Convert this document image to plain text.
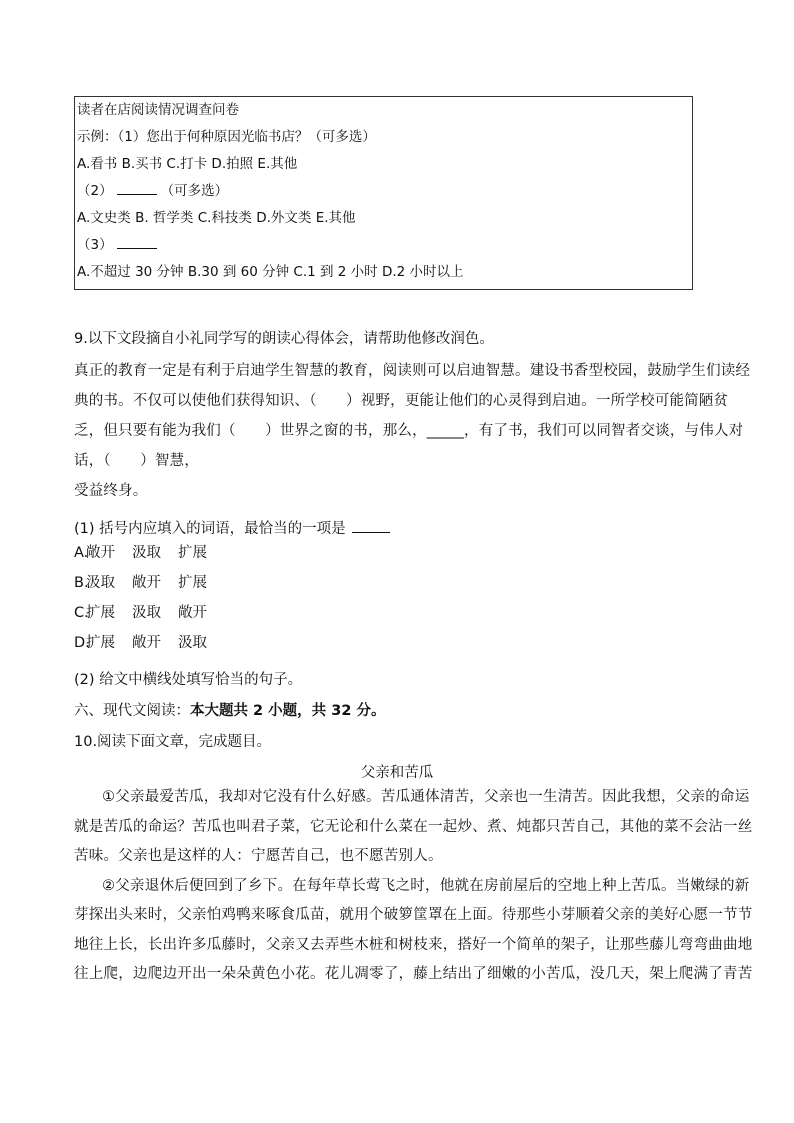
读者在店阅读情况调查问卷
示例：（1）您出于何种原因光临书店？（可多选）
A.看书 B.买书 C.打卡 D.拍照 E.其他
（2）	（可多选）
A.文史类 B. 哲学类 C.科技类 D.外文类 E.其他
（3）
A.不超过 30 分钟 B.30 到 60 分钟 C.1 到 2 小时 D.2 小时以上
9.以下文段摘自小礼同学写的朗读心得体会，请帮助他修改润色。
真正的教育一定是有利于启迪学生智慧的教育，阅读则可以启迪智慧。建设书香型校园，鼓励学生们读经
典的书。不仅可以使他们获得知识、（　　）视野，更能让他们的心灵得到启迪。一所学校可能简陋贫
乏，但只要有能为我们（　　）世界之窗的书，那么，_____，有了书，我们可以同智者交谈，与伟人对
话，（　　）智慧，
受益终身。
(1) 括号内应填入的词语，最恰当的一项是
A.敞开 汲取 扩展
B.汲取 敞开 扩展
C.扩展 汲取 敞开
D.扩展 敞开 汲取
(2) 给文中横线处填写恰当的句子。
六、现代文阅读：本大题共 2 小题，共 32 分。
10.阅读下面文章，完成题目。
父亲和苦瓜
①父亲最爱苦瓜，我却对它没有什么好感。苦瓜通体清苦，父亲也一生清苦。因此我想，父亲的命运
就是苦瓜的命运？苦瓜也叫君子菜，它无论和什么菜在一起炒、煮、炖都只苦自己，其他的菜不会沾一丝
苦味。父亲也是这样的人：宁愿苦自己，也不愿苦别人。
②父亲退休后便回到了乡下。在每年草长莺飞之时，他就在房前屋后的空地上种上苦瓜。当嫩绿的新
芽探出头来时，父亲怕鸡鸭来啄食瓜苗，就用个破箩筐罩在上面。待那些小芽顺着父亲的美好心愿一节节
地往上长，长出许多瓜藤时，父亲又去弄些木桩和树枝来，搭好一个简单的架子，让那些藤儿弯弯曲曲地
往上爬，边爬边开出一朵朵黄色小花。花儿凋零了，藤上结出了细嫩的小苦瓜，没几天，架上爬满了青苦
